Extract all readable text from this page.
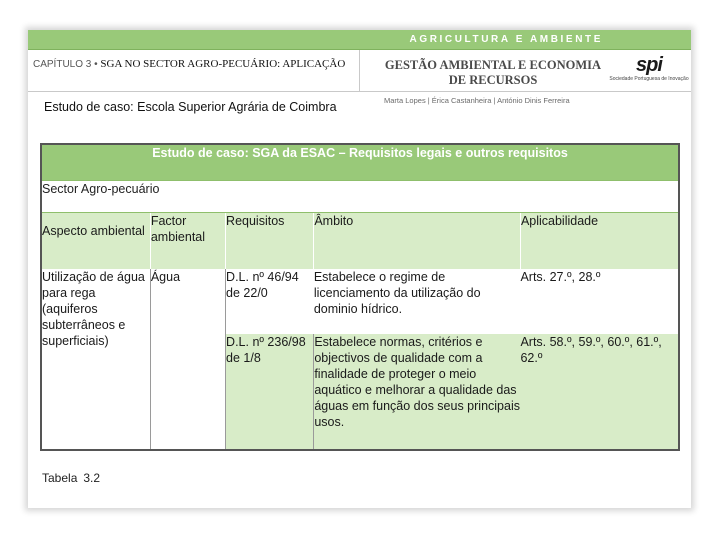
AGRICULTURA E AMBIENTE
CAPÍTULO 3 • SGA NO SECTOR AGRO-PECUÁRIO: APLICAÇÃO	GESTÃO AMBIENTAL E ECONOMIA
DE RECURSOS
Marta Lopes | Érica Castanheira | António Dinis Ferreira
spi
Sociedade Portuguesa de Inovação
Estudo de caso: Escola Superior Agrária de Coimbra
Estudo de caso: SGA da ESAC – Requisitos legais e outros requisitos				
Sector Agro-pecuário				
Aspecto ambiental	Factor ambiental	Requisitos	Âmbito	Aplicabilidade
Utilização de água para rega (aquiferos subterrâneos e superficiais)	Água	D.L. nº 46/94 de 22/0	Estabelece o regime de licenciamento da utilização do dominio hídrico.	Arts. 27.º, 28.º
		D.L. nº 236/98 de 1/8	Estabelece normas, critérios e objectivos de qualidade com a finalidade de proteger o meio aquático e melhorar a qualidade das águas em função dos seus principais usos.	Arts. 58.º, 59.º, 60.º, 61.º, 62.º
Tabela 3.2
